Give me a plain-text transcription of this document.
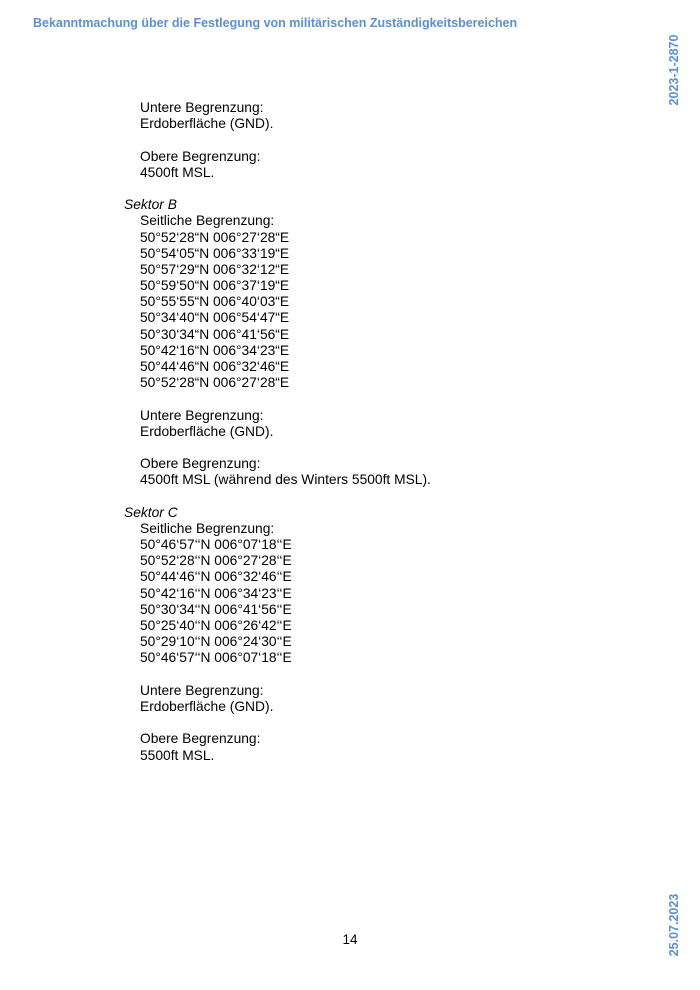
Bekanntmachung über die Festlegung von militärischen Zuständigkeitsbereichen
2023-1-2870
25.07.2023
Untere Begrenzung:
Erdoberfläche (GND).
Obere Begrenzung:
4500ft MSL.
Sektor B
Seitliche Begrenzung:
50°52‘28“N 006°27‘28“E
50°54‘05“N 006°33‘19“E
50°57‘29“N 006°32‘12“E
50°59‘50“N 006°37‘19“E
50°55‘55“N 006°40‘03“E
50°34‘40“N 006°54‘47“E
50°30‘34“N 006°41‘56“E
50°42‘16“N 006°34‘23“E
50°44‘46“N 006°32‘46“E
50°52‘28“N 006°27‘28“E
Untere Begrenzung:
Erdoberfläche (GND).
Obere Begrenzung:
4500ft MSL (während des Winters 5500ft MSL).
Sektor C
Seitliche Begrenzung:
50°46‘57‘‘N 006°07‘18‘‘E
50°52‘28‘‘N 006°27‘28‘‘E
50°44‘46‘‘N 006°32‘46‘‘E
50°42‘16‘‘N 006°34‘23‘‘E
50°30‘34‘‘N 006°41‘56‘‘E
50°25‘40‘‘N 006°26‘42‘‘E
50°29‘10‘‘N 006°24‘30‘‘E
50°46‘57‘‘N 006°07‘18‘‘E
Untere Begrenzung:
Erdoberfläche (GND).
Obere Begrenzung:
5500ft MSL.
14
